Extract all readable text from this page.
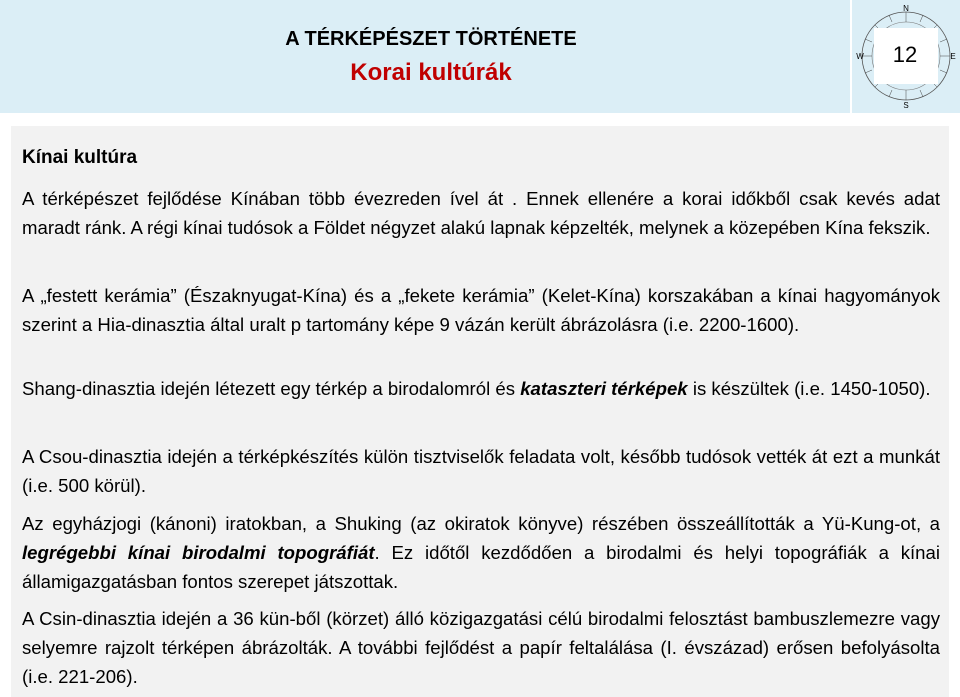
A TÉRKÉPÉSZET TÖRTÉNETE
Korai kultúrák
N
S
W	E
12
Kínai kultúra

A térképészet fejlődése Kínában több évezreden ível át . Ennek ellenére a korai időkből csak kevés adat maradt ránk. A régi kínai tudósok a Földet négyzet alakú lapnak képzelték, melynek a közepében Kína fekszik.

A „festett kerámia” (Északnyugat-Kína) és a „fekete kerámia” (Kelet-Kína) korszakában a kínai hagyományok szerint a Hia-dinasztia által uralt p tartomány képe 9 vázán került ábrázolásra (i.e. 2200-1600).

Shang-dinasztia idején létezett egy térkép a birodalomról és kataszteri térképek is készültek (i.e. 1450-1050).

A Csou-dinasztia idején a térképkészítés külön tisztviselők feladata volt, később tudósok vették át ezt a munkát (i.e. 500 körül).

Az egyházjogi (kánoni) iratokban, a Shuking (az okiratok könyve) részében összeállították a Yü-Kung-ot, a legrégebbi kínai birodalmi topográfiát. Ez időtől kezdődően a birodalmi és helyi topográfiák a kínai államigazgatásban fontos szerepet játszottak.

A Csin-dinasztia idején a 36 kün-ből (körzet) álló közigazgatási célú birodalmi felosztást bambuszlemezre vagy selyemre rajzolt térképen ábrázolták. A további fejlődést a papír feltalálása (I. évszázad) erősen befolyásolta (i.e. 221-206).
